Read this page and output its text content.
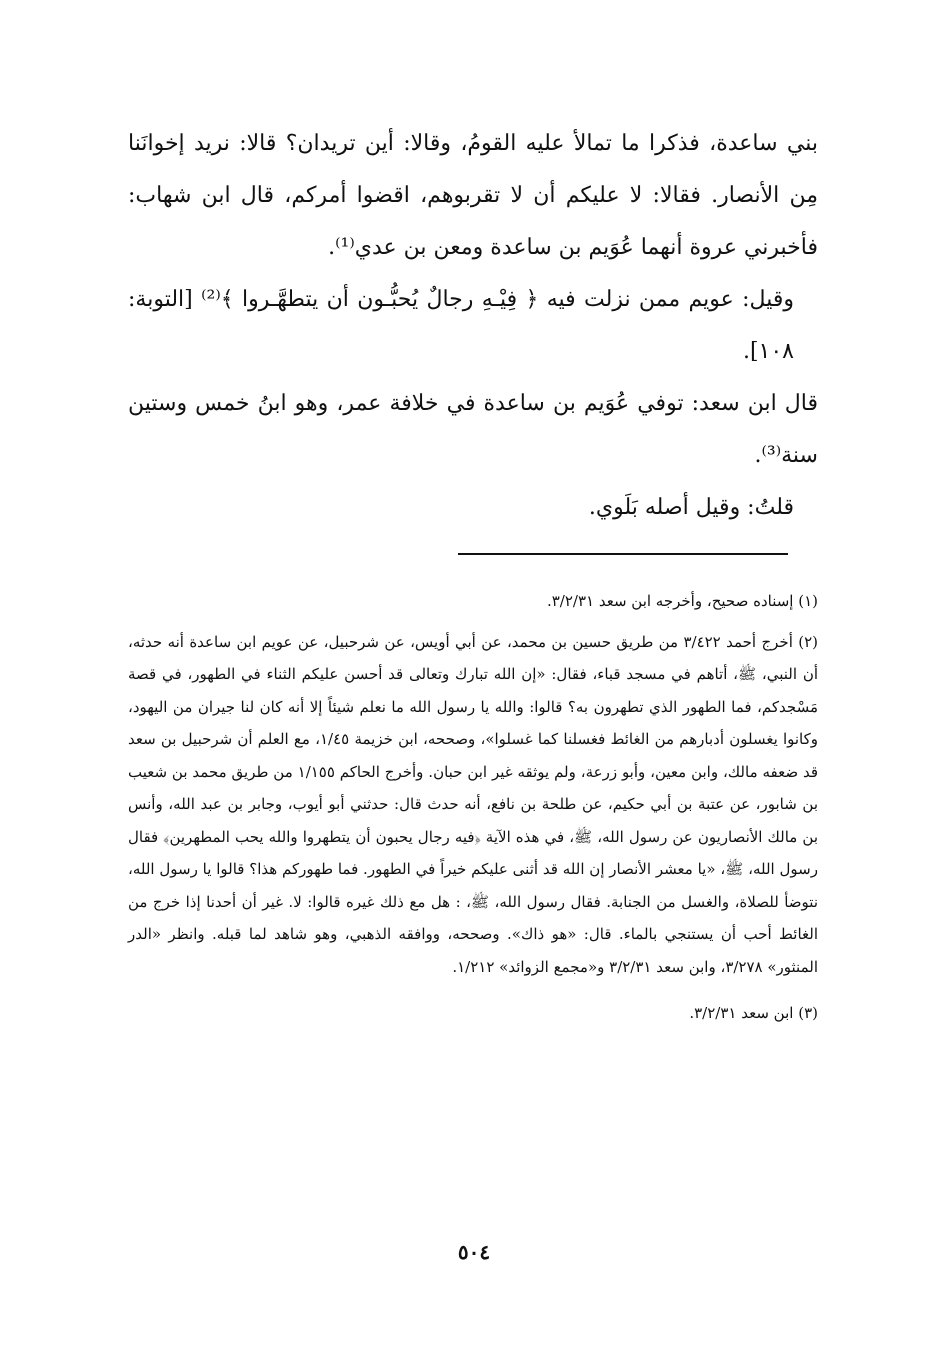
بني ساعدة، فذكرا ما تمالأ عليه القومُ، وقالا: أين تريدان؟ قالا: نريد إخوانَنا مِن الأنصار. فقالا: لا عليكم أن لا تقربوهم، اقضوا أمركم، قال ابن شهاب: فأخبرني عروة أنهما عُوَيم بن ساعدة ومعن بن عدي⁽¹⁾.

وقيل: عويم ممن نزلت فيه ﴿ فِيْـهِ رجالٌ يُحبُّـون أن يتطهَّـروا ﴾⁽²⁾ [التوبة: ١٠٨].

قال ابن سعد: توفي عُوَيم بن ساعدة في خلافة عمر، وهو ابنُ خمس وستين سنة⁽³⁾.

قلتُ: وقيل أصله بَلَوي.

(١) إسناده صحيح، وأخرجه ابن سعد ٣/٢/٣١.

(٢) أخرج أحمد ٣/٤٢٢ من طريق حسين بن محمد، عن أبي أويس، عن شرحبيل، عن عويم ابن ساعدة أنه حدثه، أن النبي، ﷺ، أتاهم في مسجد قباء، فقال: «إن الله تبارك وتعالى قد أحسن عليكم الثناء في الطهور، في قصة مَسْجدكم، فما الطهور الذي تطهرون به؟ قالوا: والله يا رسول الله ما نعلم شيئاً إلا أنه كان لنا جيران من اليهود، وكانوا يغسلون أدبارهم من الغائط فغسلنا كما غسلوا»، وصححه، ابن خزيمة ١/٤٥، مع العلم أن شرحبيل بن سعد قد ضعفه مالك، وابن معين، وأبو زرعة، ولم يوثقه غير ابن حبان. وأخرج الحاكم ١/١٥٥ من طريق محمد بن شعيب بن شابور، عن عتبة بن أبي حكيم، عن طلحة بن نافع، أنه حدث قال: حدثني أبو أيوب، وجابر بن عبد الله، وأنس بن مالك الأنصاريون عن رسول الله، ﷺ، في هذه الآية ﴿فيه رجال يحبون أن يتطهروا والله يحب المطهرين﴾ فقال رسول الله، ﷺ، «يا معشر الأنصار إن الله قد أثنى عليكم خيراً في الطهور. فما طهوركم هذا؟ قالوا يا رسول الله، نتوضأ للصلاة، والغسل من الجنابة. فقال رسول الله، ﷺ، : هل مع ذلك غيره قالوا: لا. غير أن أحدنا إذا خرج من الغائط أحب أن يستنجي بالماء. قال: «هو ذاك». وصححه، ووافقه الذهبي، وهو شاهد لما قبله. وانظر «الدر المنثور» ٣/٢٧٨، وابن سعد ٣/٢/٣١ و«مجمع الزوائد» ١/٢١٢.

(٣) ابن سعد ٣/٢/٣١.

٥٠٤
